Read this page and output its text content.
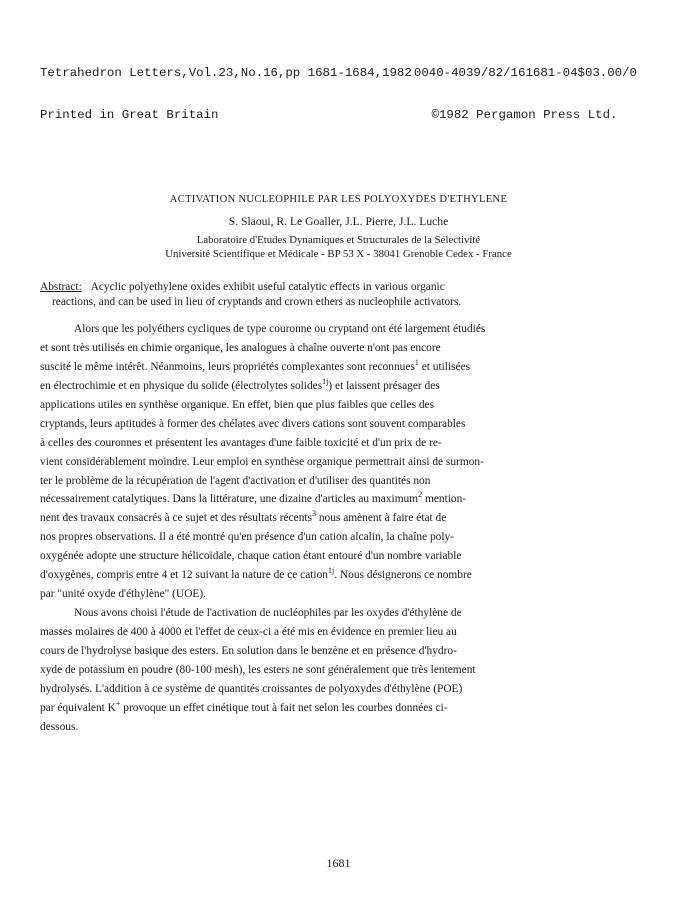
Tetrahedron Letters,Vol.23,No.16,pp 1681-1684,1982

Printed in Great Britain

0040-4039/82/161681-04$03.00/0

©1982 Pergamon Press Ltd.

ACTIVATION NUCLEOPHILE PAR LES POLYOXYDES D'ETHYLENE
S. Slaoui, R. Le Goaller, J.L. Pierre, J.L. Luche
Laboratoire d'Etudes Dynamiques et Structurales de la Sélectivité
Université Scientifique et Médicale - BP 53 X - 38041 Grenoble Cedex - France
Abstract: Acyclic polyethylene oxides exhibit useful catalytic effects in various organic
reactions, and can be used in lieu of cryptands and crown ethers as nucleophile activators.
Alors que les polyéthers cycliques de type couronne ou cryptand ont été largement étudiés
et sont très utilisés en chimie organique, les analogues à chaîne ouverte n'ont pas encore
suscité le même intérêt. Néanmoins, leurs propriétés complexantes sont reconnues$^1$ et utilisées
en électrochimie et en physique du solide (électrolytes solides$^{1j}$) et laissent présager des
applications utiles en synthèse organique. En effet, bien que plus faibles que celles des
cryptands, leurs aptitudes à former des chélates avec divers cations sont souvent comparables
à celles des couronnes et présentent les avantages d'une faible toxicité et d'un prix de re-
vient considérablement moindre. Leur emploi en synthèse organique permettrait ainsi de surmon-
ter le problème de la récupération de l'agent d'activation et d'utiliser des quantités non
nécessairement catalytiques. Dans la littérature, une dizaine d'articles au maximum$^2$ mention-
nent des travaux consacrés à ce sujet et des résultats récents$^3$ nous amènent à faire état de
nos propres observations. Il a été montré qu'en présence d'un cation alcalin, la chaîne poly-
oxygénée adopte une structure hélicoïdale, chaque cation étant entouré d'un nombre variable
d'oxygènes, compris entre 4 et 12 suivant la nature de ce cation$^{1j}$. Nous désignerons ce nombre
par "unité oxyde d'éthylène" (UOE).
Nous avons choisi l'étude de l'activation de nucléophiles par les oxydes d'éthylène de
masses molaires de 400 à 4000 et l'effet de ceux-ci a été mis en évidence en premier lieu au
cours de l'hydrolyse basique des esters. En solution dans le benzène et en présence d'hydro-
xyde de potassium en poudre (80-100 mesh), les esters ne sont généralement que très lentement
hydrolysés. L'addition à ce système de quantités croissantes de polyoxydes d'éthylène (POE)
par équivalent K+ provoque un effet cinétique tout à fait net selon les courbes données ci-
dessous.
1681
